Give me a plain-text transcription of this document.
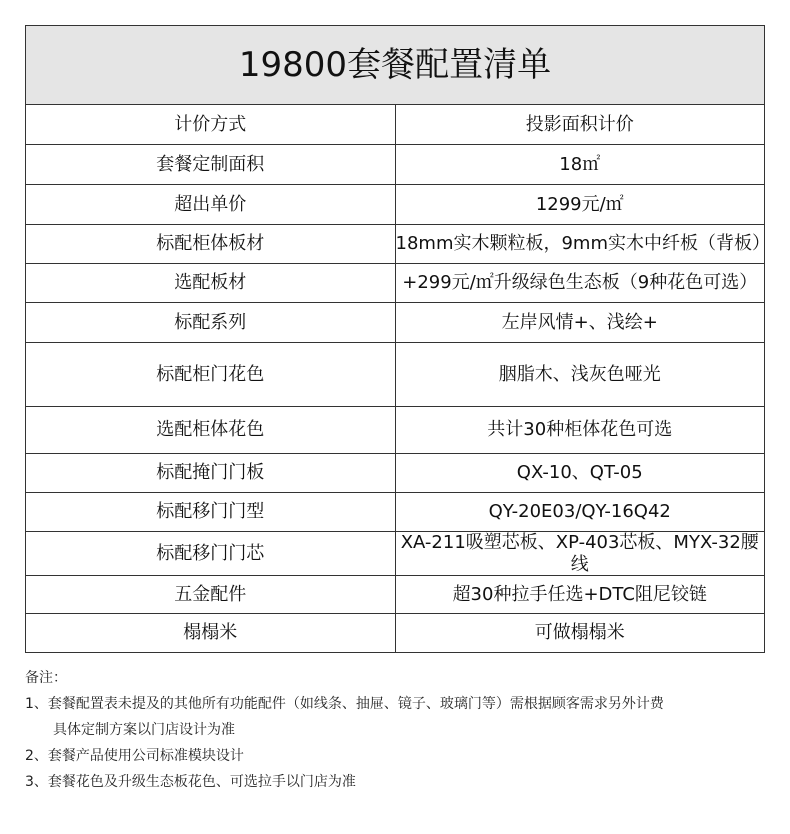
19800套餐配置清单	
计价方式	投影面积计价
套餐定制面积	18㎡
超出单价	1299元/㎡
标配柜体板材	18mm实木颗粒板，9mm实木中纤板（背板）
选配板材	+299元/㎡升级绿色生态板（9种花色可选）
标配系列	左岸风情+、浅绘+
标配柜门花色	胭脂木、浅灰色哑光
选配柜体花色	共计30种柜体花色可选
标配掩门门板	QX-10、QT-05
标配移门门型	QY-20E03/QY-16Q42
标配移门门芯	XA-211吸塑芯板、XP-403芯板、MYX-32腰线
五金配件	超30种拉手任选+DTC阻尼铰链
榻榻米	可做榻榻米
备注：
1、套餐配置表未提及的其他所有功能配件（如线条、抽屉、镜子、玻璃门等）需根据顾客需求另外计费
具体定制方案以门店设计为准
2、套餐产品使用公司标准模块设计
3、套餐花色及升级生态板花色、可选拉手以门店为准
